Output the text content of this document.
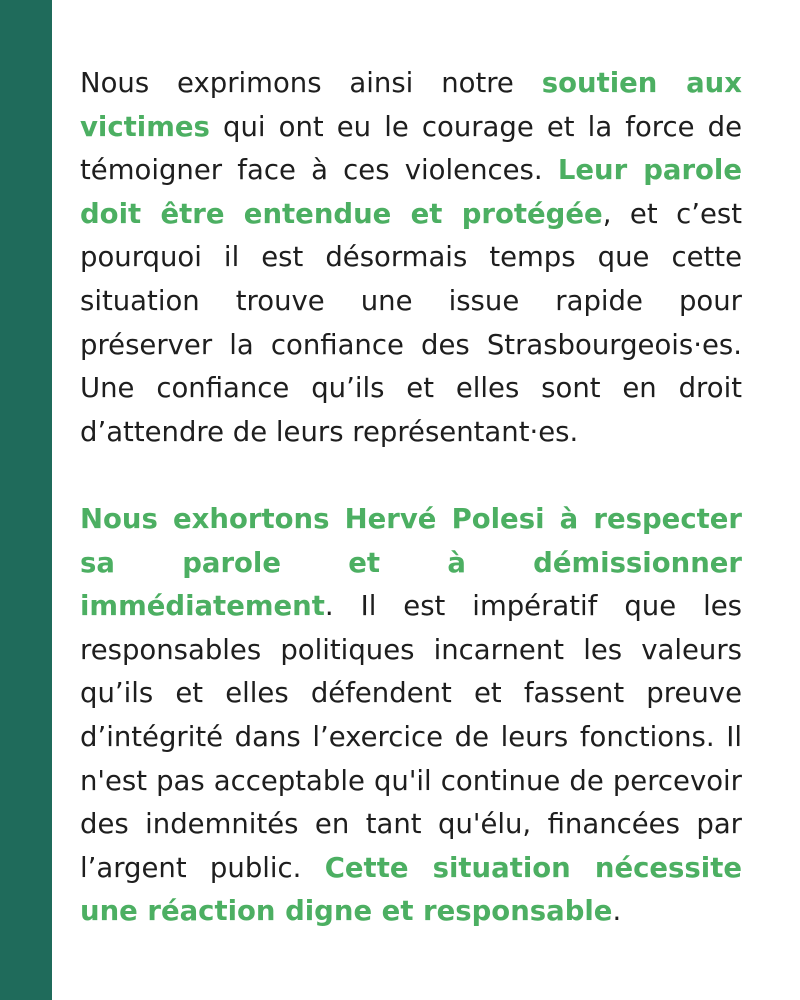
Nous exprimons ainsi notre soutien aux victimes qui ont eu le courage et la force de témoigner face à ces violences. Leur parole doit être entendue et protégée, et c’est pourquoi il est désormais temps que cette situation trouve une issue rapide pour préserver la confiance des Strasbourgeois·es. Une confiance qu’ils et elles sont en droit d’attendre de leurs représentant·es.

Nous exhortons Hervé Polesi à respecter sa parole et à démissionner immédiatement. Il est impératif que les responsables politiques incarnent les valeurs qu’ils et elles défendent et fassent preuve d’intégrité dans l’exercice de leurs fonctions. Il n'est pas acceptable qu'il continue de percevoir des indemnités en tant qu'élu, financées par l’argent public. Cette situation nécessite une réaction digne et responsable.
